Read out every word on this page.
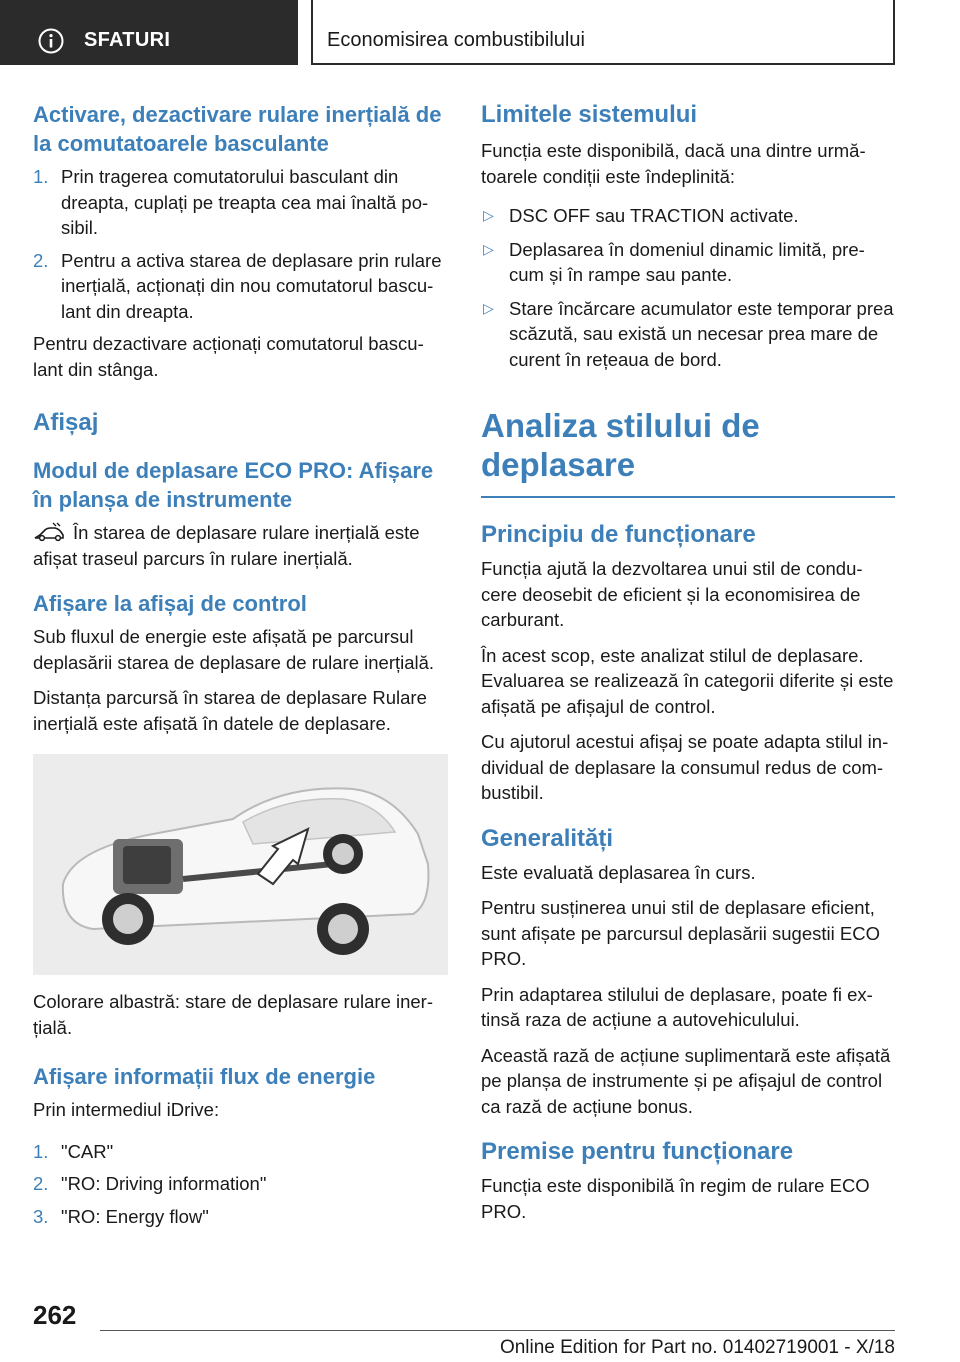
SFATURI	Economisirea combustibilului
Activare, dezactivare rulare inerțială de la comutatoarele basculante
1. Prin tragerea comutatorului basculant din dreapta, cuplați pe treapta cea mai înaltă po-sibil.
2. Pentru a activa starea de deplasare prin rulare inerțială, acționați din nou comutatorul bascu-lant din dreapta.

Pentru dezactivare acționați comutatorul bascu-lant din stânga.

Afișaj
Modul de deplasare ECO PRO: Afișare în planșa de instrumente

În starea de deplasare rulare inerțială este afișat traseul parcurs în rulare inerțială.

Afișare la afișaj de control

Sub fluxul de energie este afișată pe parcursul deplasării starea de deplasare de rulare inerțială.

Distanța parcursă în starea de deplasare Rulare inerțială este afișată în datele de deplasare.

Colorare albastră: stare de deplasare rulare iner-țială.

Afișare informații flux de energie

Prin intermediul iDrive:

1. "CAR"
2. "RO: Driving information"
3. "RO: Energy flow"
Limitele sistemului

Funcția este disponibilă, dacă una dintre urmă-toarele condiții este îndeplinită:

▷ DSC OFF sau TRACTION activate.
▷ Deplasarea în domeniul dinamic limită, pre-cum și în rampe sau pante.
▷ Stare încărcare acumulator este temporar prea scăzută, sau există un necesar prea mare de curent în rețeaua de bord.
Analiza stilului de deplasare
Principiu de funcționare

Funcția ajută la dezvoltarea unui stil de condu-cere deosebit de eficient și la economisirea de carburant.

În acest scop, este analizat stilul de deplasare. Evaluarea se realizează în categorii diferite și este afișată pe afișajul de control.

Cu ajutorul acestui afișaj se poate adapta stilul in-dividual de deplasare la consumul redus de com-bustibil.

Generalități

Este evaluată deplasarea în curs.

Pentru susținerea unui stil de deplasare eficient, sunt afișate pe parcursul deplasării sugestii ECO PRO.

Prin adaptarea stilului de deplasare, poate fi ex-tinsă raza de acțiune a autovehiculului.

Această rază de acțiune suplimentară este afișată pe planșa de instrumente și pe afișajul de control ca rază de acțiune bonus.

Premise pentru funcționare

Funcția este disponibilă în regim de rulare ECO PRO.

262
Online Edition for Part no. 01402719001 - X/18
